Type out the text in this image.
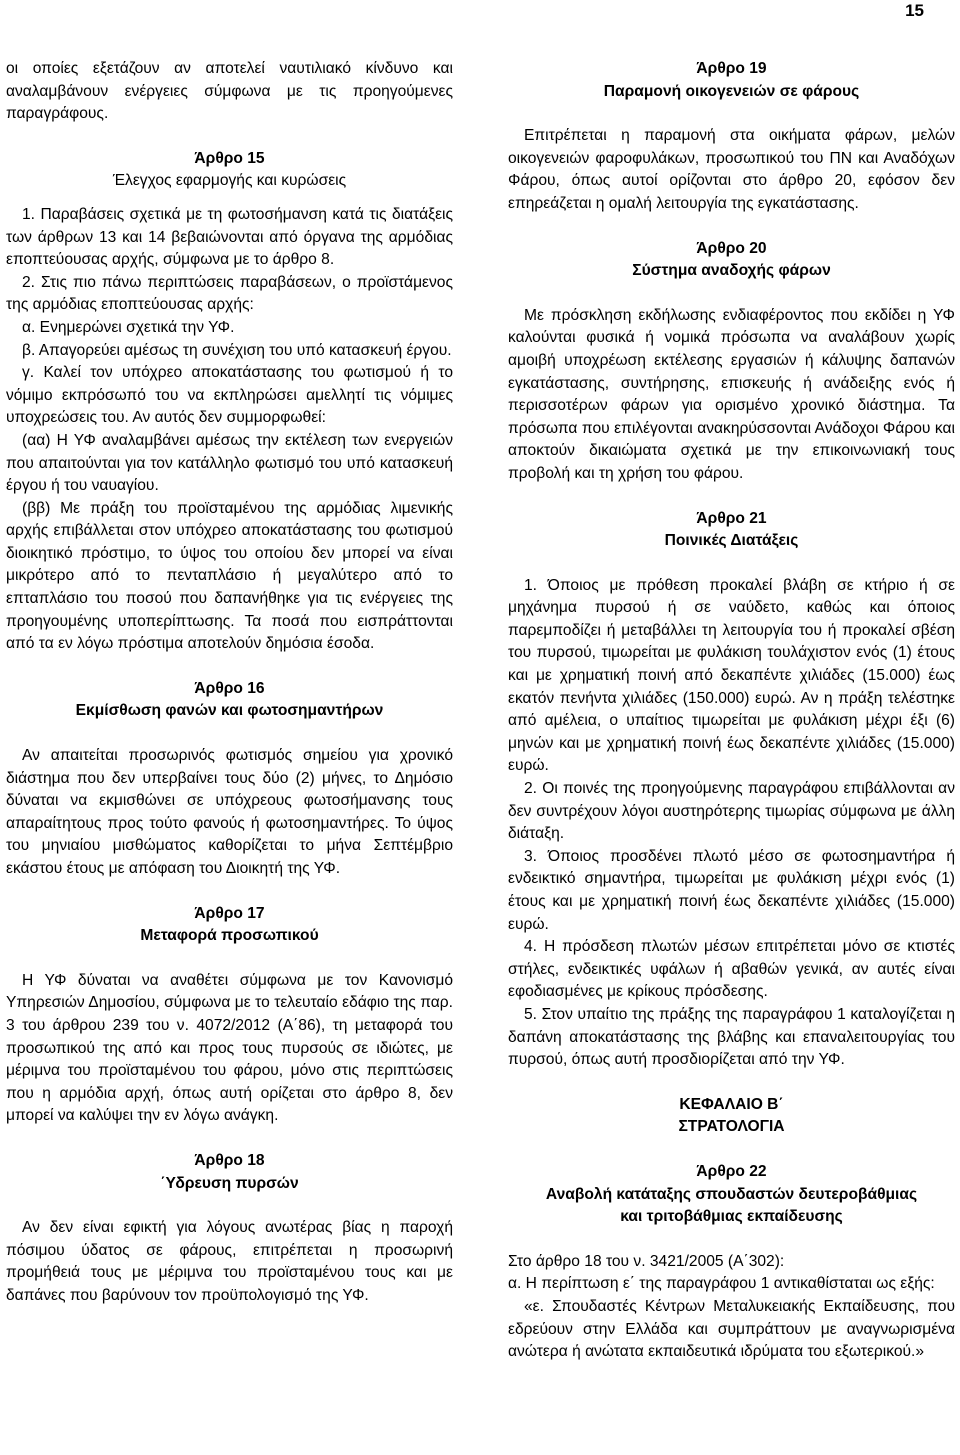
15

οι οποίες εξετάζουν αν αποτελεί ναυτιλιακό κίνδυνο και αναλαμβάνουν ενέργειες σύμφωνα με τις προηγούμενες παραγράφους.

Άρθρο 15

Έλεγχος εφαρμογής και κυρώσεις

1. Παραβάσεις σχετικά με τη φωτοσήμανση κατά τις διατάξεις των άρθρων 13 και 14 βεβαιώνονται από όργανα της αρμόδιας εποπτεύουσας αρχής, σύμφωνα με το άρθρο 8.

2. Στις πιο πάνω περιπτώσεις παραβάσεων, ο προϊστάμενος της αρμόδιας εποπτεύουσας αρχής:

α. Ενημερώνει σχετικά την ΥΦ.

β. Απαγορεύει αμέσως τη συνέχιση του υπό κατασκευή έργου.

γ. Καλεί τον υπόχρεο αποκατάστασης του φωτισμού ή το νόμιμο εκπρόσωπό του να εκπληρώσει αμελλητί τις νόμιμες υποχρεώσεις του. Αν αυτός δεν συμμορφωθεί:

(αα) Η ΥΦ αναλαμβάνει αμέσως την εκτέλεση των ενεργειών που απαιτούνται για τον κατάλληλο φωτισμό του υπό κατασκευή έργου ή του ναυαγίου.

(ββ) Με πράξη του προϊσταμένου της αρμόδιας λιμενικής αρχής επιβάλλεται στον υπόχρεο αποκατάστασης του φωτισμού διοικητικό πρόστιμο, το ύψος του οποίου δεν μπορεί να είναι μικρότερο από το πενταπλάσιο ή μεγαλύτερο από το επταπλάσιο του ποσού που δαπανήθηκε για τις ενέργειες της προηγουμένης υποπερίπτωσης. Τα ποσά που εισπράττονται από τα εν λόγω πρόστιμα αποτελούν δημόσια έσοδα.

Άρθρο 16

Εκμίσθωση φανών και φωτοσημαντήρων

Αν απαιτείται προσωρινός φωτισμός σημείου για χρονικό διάστημα που δεν υπερβαίνει τους δύο (2) μήνες, το Δημόσιο δύναται να εκμισθώνει σε υπόχρεους φωτοσήμανσης τους απαραίτητους προς τούτο φανούς ή φωτοσημαντήρες. Το ύψος του μηνιαίου μισθώματος καθορίζεται το μήνα Σεπτέμβριο εκάστου έτους με απόφαση του Διοικητή της ΥΦ.

Άρθρο 17

Μεταφορά προσωπικού

Η ΥΦ δύναται να αναθέτει σύμφωνα με τον Κανονισμό Υπηρεσιών Δημοσίου, σύμφωνα με το τελευταίο εδάφιο της παρ. 3 του άρθρου 239 του ν. 4072/2012 (Α΄86), τη μεταφορά του προσωπικού της από και προς τους πυρσούς σε ιδιώτες, με μέριμνα του προϊσταμένου του φάρου, μόνο στις περιπτώσεις που η αρμόδια αρχή, όπως αυτή ορίζεται στο άρθρο 8, δεν μπορεί να καλύψει την εν λόγω ανάγκη.

Άρθρο 18

΄Υδρευση πυρσών

Αν δεν είναι εφικτή για λόγους ανωτέρας βίας η παροχή πόσιμου ύδατος σε φάρους, επιτρέπεται η προσωρινή προμήθειά τους με μέριμνα του προϊσταμένου τους και με δαπάνες που βαρύνουν τον προϋπολογισμό της ΥΦ.

Άρθρο 19

Παραμονή οικογενειών σε φάρους

Επιτρέπεται η παραμονή στα οικήματα φάρων, μελών οικογενειών φαροφυλάκων, προσωπικού του ΠΝ και Αναδόχων Φάρου, όπως αυτοί ορίζονται στο άρθρο 20, εφόσον δεν επηρεάζεται η ομαλή λειτουργία της εγκατάστασης.

Άρθρο 20

Σύστημα αναδοχής φάρων

Με πρόσκληση εκδήλωσης ενδιαφέροντος που εκδίδει η ΥΦ καλούνται φυσικά ή νομικά πρόσωπα να αναλάβουν χωρίς αμοιβή υποχρέωση εκτέλεσης εργασιών ή κάλυψης δαπανών εγκατάστασης, συντήρησης, επισκευής ή ανάδειξης ενός ή περισσοτέρων φάρων για ορισμένο χρονικό διάστημα. Τα πρόσωπα που επιλέγονται ανακηρύσσονται Ανάδοχοι Φάρου και αποκτούν δικαιώματα σχετικά με την επικοινωνιακή τους προβολή και τη χρήση του φάρου.

Άρθρο 21

Ποινικές Διατάξεις

1. Όποιος με πρόθεση προκαλεί βλάβη σε κτήριο ή σε μηχάνημα πυρσού ή σε ναύδετο, καθώς και όποιος παρεμποδίζει ή μεταβάλλει τη λειτουργία του ή προκαλεί σβέση του πυρσού, τιμωρείται με φυλάκιση τουλάχιστον ενός (1) έτους και με χρηματική ποινή από δεκαπέντε χιλιάδες (15.000) έως εκατόν πενήντα χιλιάδες (150.000) ευρώ. Αν η πράξη τελέστηκε από αμέλεια, ο υπαίτιος τιμωρείται με φυλάκιση μέχρι έξι (6) μηνών και με χρηματική ποινή έως δεκαπέντε χιλιάδες (15.000) ευρώ.

2. Οι ποινές της προηγούμενης παραγράφου επιβάλλονται αν δεν συντρέχουν λόγοι αυστηρότερης τιμωρίας σύμφωνα με άλλη διάταξη.

3. Όποιος προσδένει πλωτό μέσο σε φωτοσημαντήρα ή ενδεικτικό σημαντήρα, τιμωρείται με φυλάκιση μέχρι ενός (1) έτους και με χρηματική ποινή έως δεκαπέντε χιλιάδες (15.000) ευρώ.

4. Η πρόσδεση πλωτών μέσων επιτρέπεται μόνο σε κτιστές στήλες, ενδεικτικές υφάλων ή αβαθών γενικά, αν αυτές είναι εφοδιασμένες με κρίκους πρόσδεσης.

5. Στον υπαίτιο της πράξης της παραγράφου 1 καταλογίζεται η δαπάνη αποκατάστασης της βλάβης και επαναλειτουργίας του πυρσού, όπως αυτή προσδιορίζεται από την ΥΦ.

ΚΕΦΑΛΑΙΟ Β΄

ΣΤΡΑΤΟΛΟΓΙΑ

Άρθρο 22

Αναβολή κατάταξης σπουδαστών δευτεροβάθμιας

και τριτοβάθμιας εκπαίδευσης

Στο άρθρο 18 του ν. 3421/2005 (Α΄302):

α. Η περίπτωση ε΄ της παραγράφου 1 αντικαθίσταται ως εξής:

«ε. Σπουδαστές Κέντρων Μεταλυκειακής Εκπαίδευσης, που εδρεύουν στην Ελλάδα και συμπράττουν με αναγνωρισμένα ανώτερα ή ανώτατα εκπαιδευτικά ιδρύματα του εξωτερικού.»
